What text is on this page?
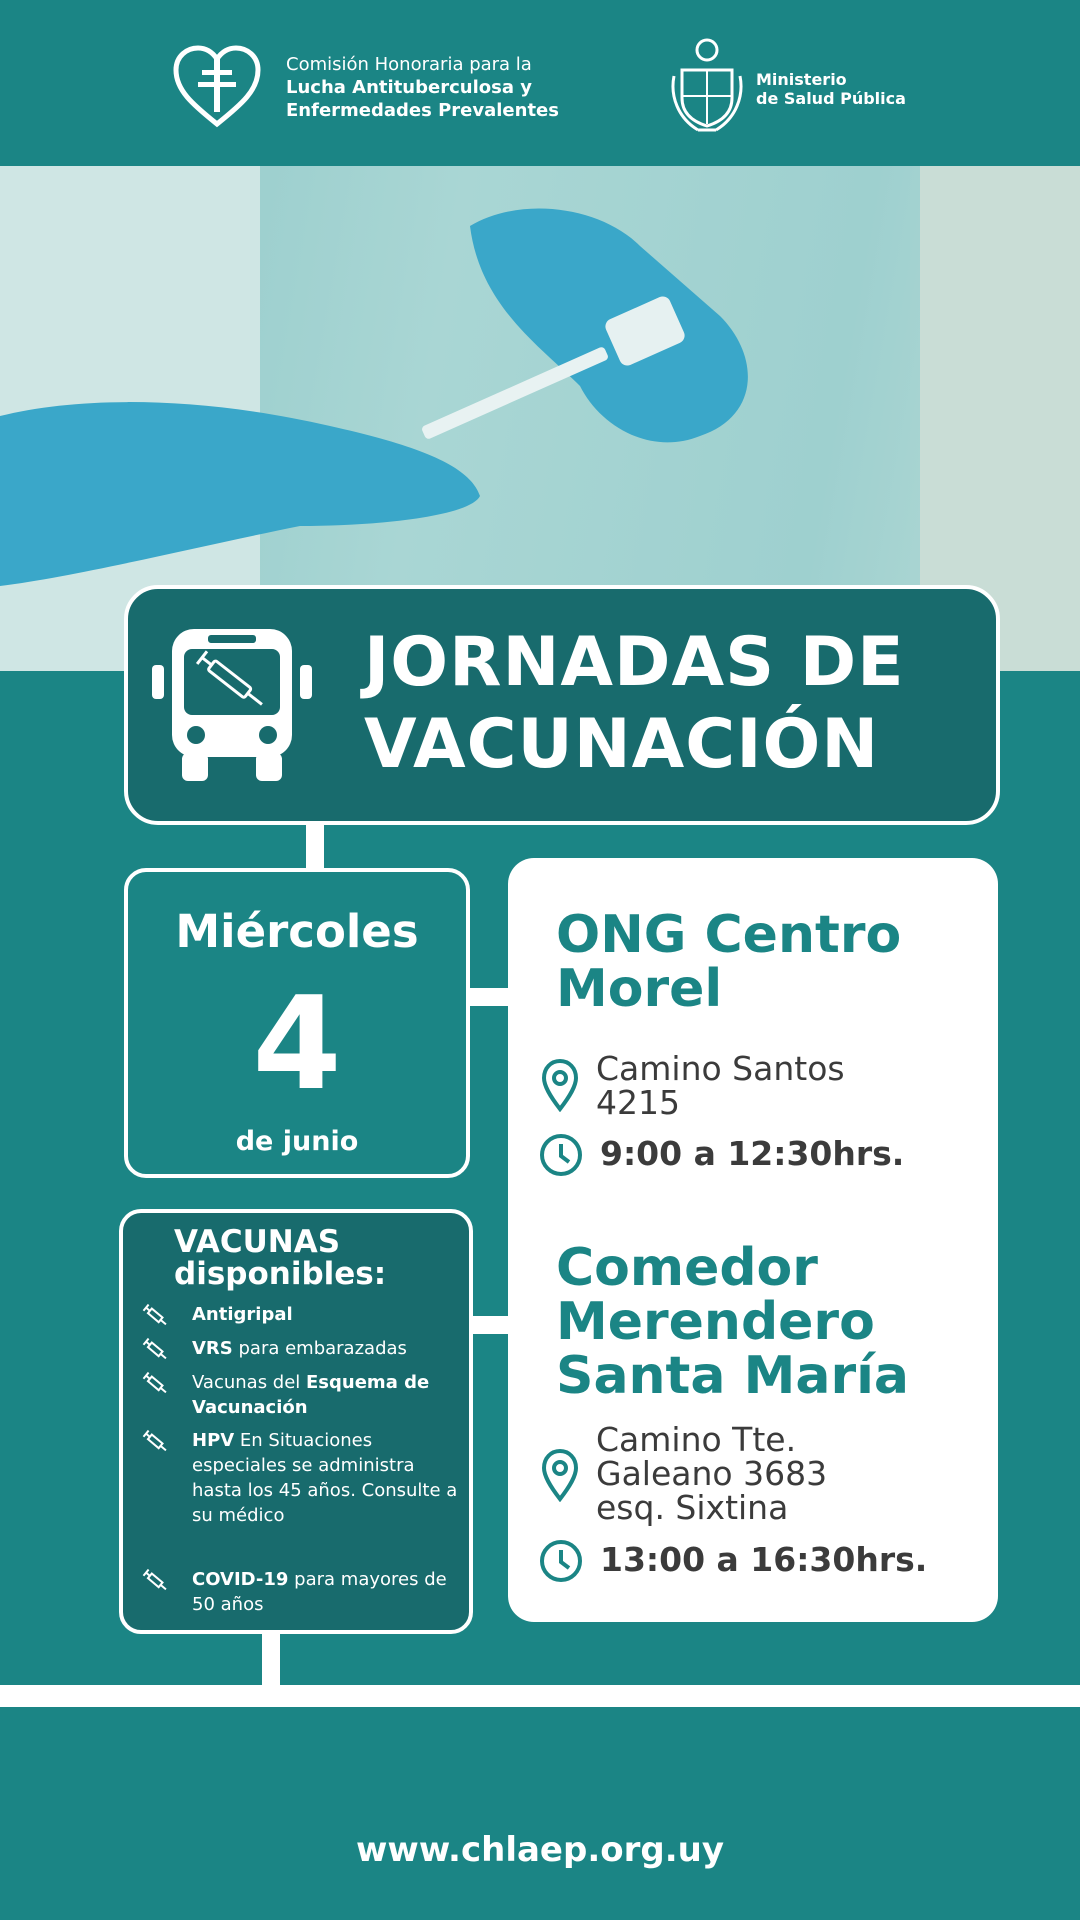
Comisión Honoraria para la
Lucha Antituberculosa y
Enfermedades Prevalentes
Ministerio
de Salud Pública
JORNADAS DE
VACUNACIÓN
Miércoles
4
de junio
VACUNAS
disponibles:
Antigripal
VRS para embarazadas
Vacunas del Esquema de Vacunación
HPV En Situaciones especiales se administra hasta los 45 años. Consulte a su médico
COVID-19 para mayores de 50 años
ONG Centro
Morel
Camino Santos
4215
9:00 a 12:30hrs.
Comedor
Merendero
Santa María
Camino Tte.
Galeano 3683
esq. Sixtina
13:00 a 16:30hrs.
www.chlaep.org.uy
